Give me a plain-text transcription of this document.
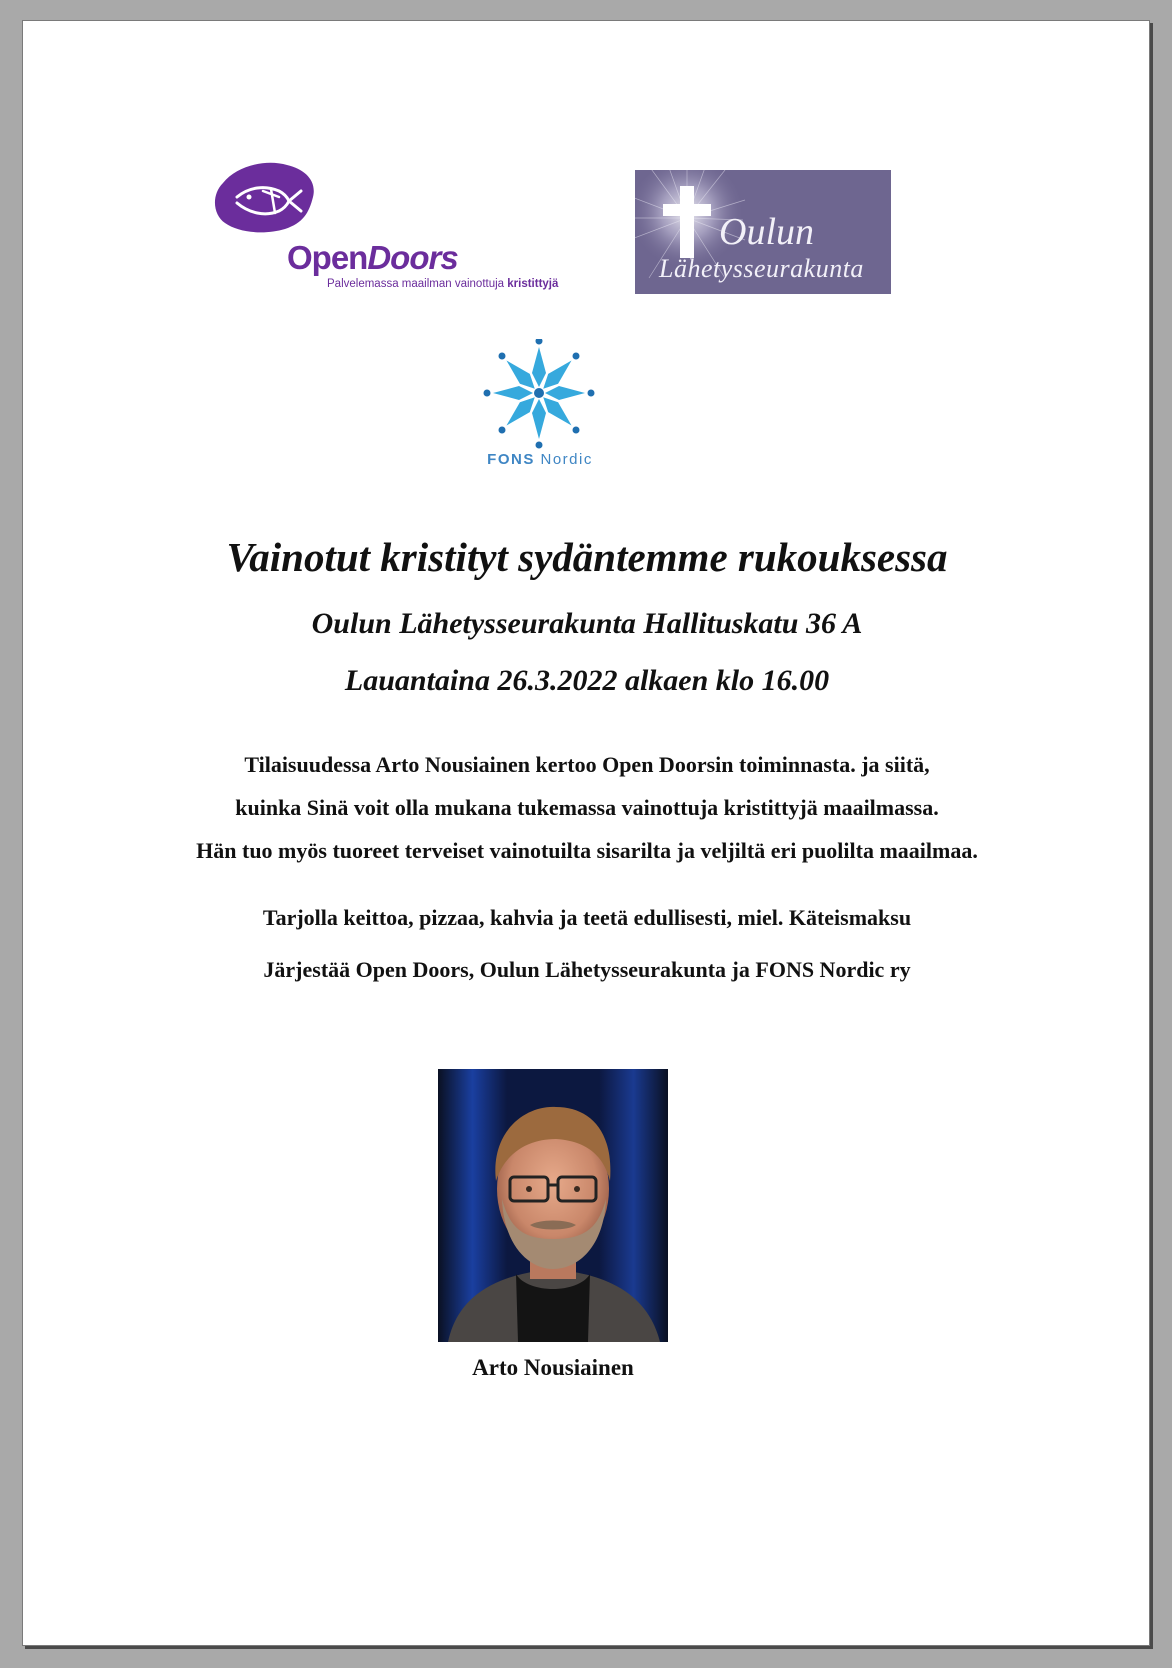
OpenDoors
Palvelemassa maailman vainottuja kristittyjä
Oulun
Lähetysseurakunta
FONS Nordic
Vainotut kristityt sydäntemme rukouksessa
Oulun Lähetysseurakunta Hallituskatu 36 A
Lauantaina 26.3.2022 alkaen klo 16.00
Tilaisuudessa Arto Nousiainen kertoo Open Doorsin toiminnasta. ja siitä,
kuinka Sinä voit olla mukana tukemassa vainottuja kristittyjä maailmassa.
Hän tuo myös tuoreet terveiset vainotuilta sisarilta ja veljiltä eri puolilta maailmaa.
Tarjolla keittoa, pizzaa, kahvia ja teetä edullisesti, miel. Käteismaksu
Järjestää Open Doors, Oulun Lähetysseurakunta ja FONS Nordic ry
Arto Nousiainen
